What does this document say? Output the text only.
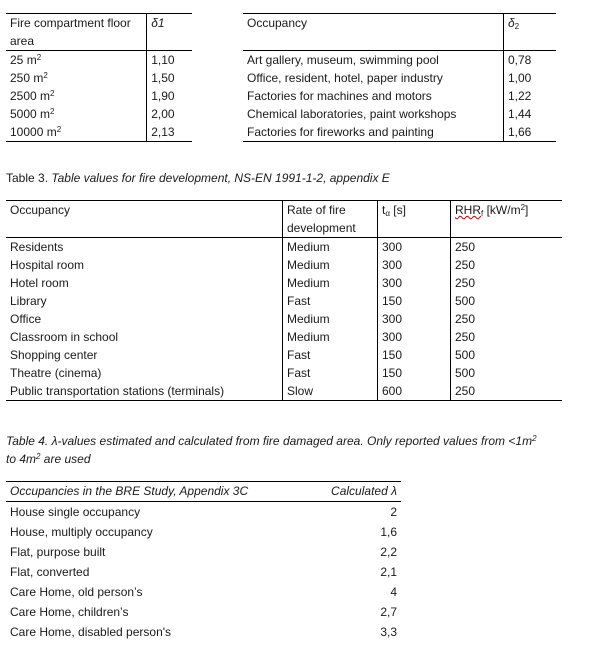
Fire compartment floor area	δ1
25 $m^2$	1,10
250 $m^2$	1,50
2500 $m^2$	1,90
5000 $m^2$	2,00
10000 $m^2$	2,13
Occupancy	$\delta_2$
Art gallery, museum, swimming pool	0,78
Office, resident, hotel, paper industry	1,00
Factories for machines and motors	1,22
Chemical laboratories, paint workshops	1,44
Factories for fireworks and painting	1,66
Table 3. Table values for fire development, NS-EN 1991-1-2, appendix E
Occupancy	Rate of fire development	$t_\alpha$ [s]	$RHR_f$ $[kW/m^2]$
Residents	Medium	300	250
Hospital room	Medium	300	250
Hotel room	Medium	300	250
Library	Fast	150	500
Office	Medium	300	250
Classroom in school	Medium	300	250
Shopping center	Fast	150	500
Theatre (cinema)	Fast	150	500
Public transportation stations (terminals)	Slow	600	250
Table 4. λ-values estimated and calculated from fire damaged area. Only reported values from $<1m^2$
to $4m^2$ are used
Occupancies in the BRE Study, Appendix 3C	Calculated λ
House single occupancy	2
House, multiply occupancy	1,6
Flat, purpose built	2,2
Flat, converted	2,1
Care Home, old person’s	4
Care Home, children’s	2,7
Care Home, disabled person's	3,3
